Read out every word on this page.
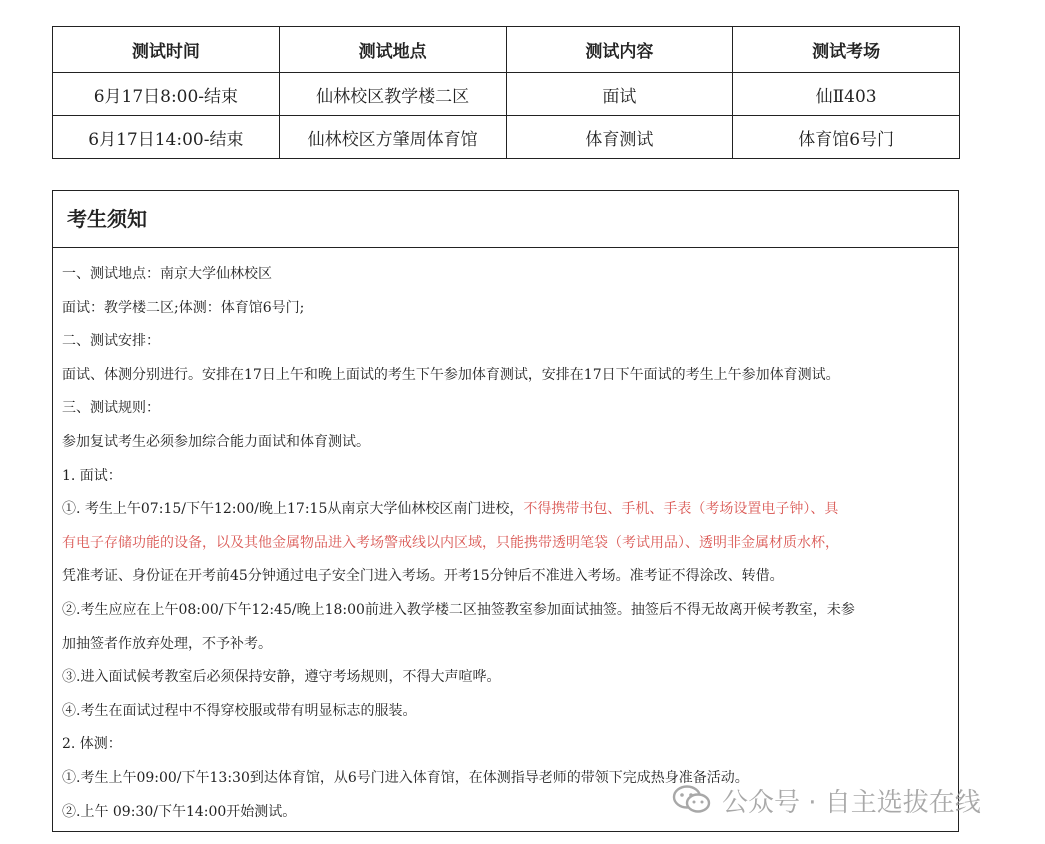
测试时间	测试地点	测试内容	测试考场
6月17日8:00-结束	仙林校区教学楼二区	面试	仙Ⅱ403
6月17日14:00-结束	仙林校区方肇周体育馆	体育测试	体育馆6号门
考生须知
一、测试地点：南京大学仙林校区
面试：教学楼二区;体测：体育馆6号门;
二、测试安排：
面试、体测分别进行。安排在17日上午和晚上面试的考生下午参加体育测试，安排在17日下午面试的考生上午参加体育测试。
三、测试规则：
参加复试考生必须参加综合能力面试和体育测试。
1. 面试：
①. 考生上午07:15/下午12:00/晚上17:15从南京大学仙林校区南门进校，不得携带书包、手机、手表（考场设置电子钟）、具
有电子存储功能的设备，以及其他金属物品进入考场警戒线以内区域，只能携带透明笔袋（考试用品）、透明非金属材质水杯，
凭准考证、身份证在开考前45分钟通过电子安全门进入考场。开考15分钟后不准进入考场。准考证不得涂改、转借。
②.考生应应在上午08:00/下午12:45/晚上18:00前进入教学楼二区抽签教室参加面试抽签。抽签后不得无故离开候考教室，未参
加抽签者作放弃处理，不予补考。
③.进入面试候考教室后必须保持安静，遵守考场规则，不得大声喧哗。
④.考生在面试过程中不得穿校服或带有明显标志的服装。
2. 体测：
①.考生上午09:00/下午13:30到达体育馆，从6号门进入体育馆，在体测指导老师的带领下完成热身准备活动。
②.上午 09:30/下午14:00开始测试。	公众号 · 自主选拔在线
